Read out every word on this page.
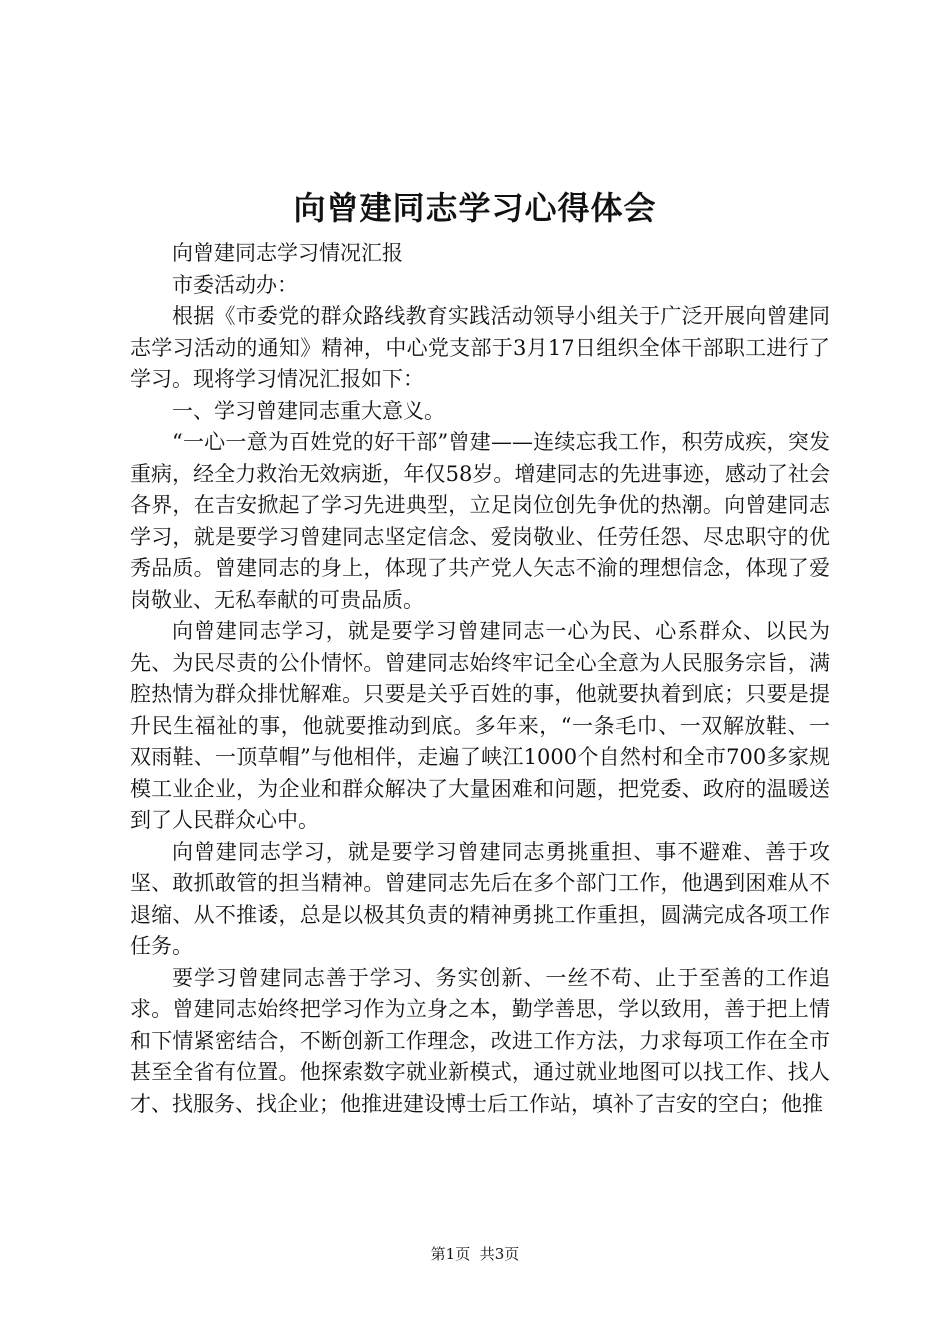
向曾建同志学习心得体会

向曾建同志学习情况汇报

市委活动办：

根据《市委党的群众路线教育实践活动领导小组关于广泛开展向曾建同志学习活动的通知》精神，中心党支部于3月17日组织全体干部职工进行了学习。现将学习情况汇报如下：

一、学习曾建同志重大意义。

“一心一意为百姓党的好干部”曾建——连续忘我工作，积劳成疾，突发重病，经全力救治无效病逝，年仅58岁。增建同志的先进事迹，感动了社会各界，在吉安掀起了学习先进典型，立足岗位创先争优的热潮。向曾建同志学习，就是要学习曾建同志坚定信念、爱岗敬业、任劳任怨、尽忠职守的优秀品质。曾建同志的身上，体现了共产党人矢志不渝的理想信念，体现了爱岗敬业、无私奉献的可贵品质。

向曾建同志学习，就是要学习曾建同志一心为民、心系群众、以民为先、为民尽责的公仆情怀。曾建同志始终牢记全心全意为人民服务宗旨，满腔热情为群众排忧解难。只要是关乎百姓的事，他就要执着到底；只要是提升民生福祉的事，他就要推动到底。多年来，“一条毛巾、一双解放鞋、一双雨鞋、一顶草帽”与他相伴，走遍了峡江1000个自然村和全市700多家规模工业企业，为企业和群众解决了大量困难和问题，把党委、政府的温暖送到了人民群众心中。

向曾建同志学习，就是要学习曾建同志勇挑重担、事不避难、善于攻坚、敢抓敢管的担当精神。曾建同志先后在多个部门工作，他遇到困难从不退缩、从不推诿，总是以极其负责的精神勇挑工作重担，圆满完成各项工作任务。

要学习曾建同志善于学习、务实创新、一丝不苟、止于至善的工作追求。曾建同志始终把学习作为立身之本，勤学善思，学以致用，善于把上情和下情紧密结合，不断创新工作理念，改进工作方法，力求每项工作在全市甚至全省有位置。他探索数字就业新模式，通过就业地图可以找工作、找人才、找服务、找企业；他推进建设博士后工作站，填补了吉安的空白；他推

第1页 共3页
